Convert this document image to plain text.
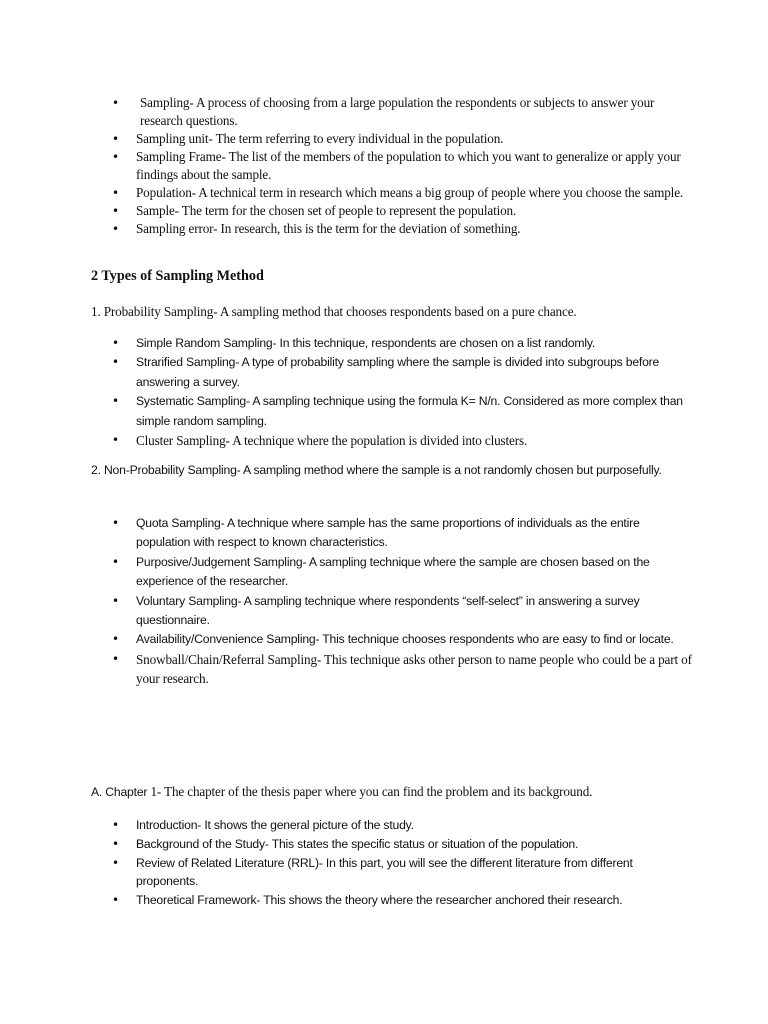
• Sampling- A process of choosing from a large population the respondents or subjects to answer your research questions.
• Sampling unit- The term referring to every individual in the population.
• Sampling Frame- The list of the members of the population to which you want to generalize or apply your findings about the sample.
• Population- A technical term in research which means a big group of people where you choose the sample.
• Sample- The term for the chosen set of people to represent the population.
• Sampling error- In research, this is the term for the deviation of something.

2 Types of Sampling Method

1. Probability Sampling- A sampling method that chooses respondents based on a pure chance.

• Simple Random Sampling- In this technique, respondents are chosen on a list randomly.
• Strarified Sampling- A type of probability sampling where the sample is divided into subgroups before answering a survey.
• Systematic Sampling- A sampling technique using the formula K= N/n. Considered as more complex than simple random sampling.
• Cluster Sampling- A technique where the population is divided into clusters.

2. Non-Probability Sampling- A sampling method where the sample is a not randomly chosen but purposefully.

• Quota Sampling- A technique where sample has the same proportions of individuals as the entire population with respect to known characteristics.
• Purposive/Judgement Sampling- A sampling technique where the sample are chosen based on the experience of the researcher.
• Voluntary Sampling- A sampling technique where respondents “self-select” in answering a survey questionnaire.
• Availability/Convenience Sampling- This technique chooses respondents who are easy to find or locate.
• Snowball/Chain/Referral Sampling- This technique asks other person to name people who could be a part of your research.

A. Chapter 1- The chapter of the thesis paper where you can find the problem and its background.

• Introduction- It shows the general picture of the study.
• Background of the Study- This states the specific status or situation of the population.
• Review of Related Literature (RRL)- In this part, you will see the different literature from different proponents.
• Theoretical Framework- This shows the theory where the researcher anchored their research.
